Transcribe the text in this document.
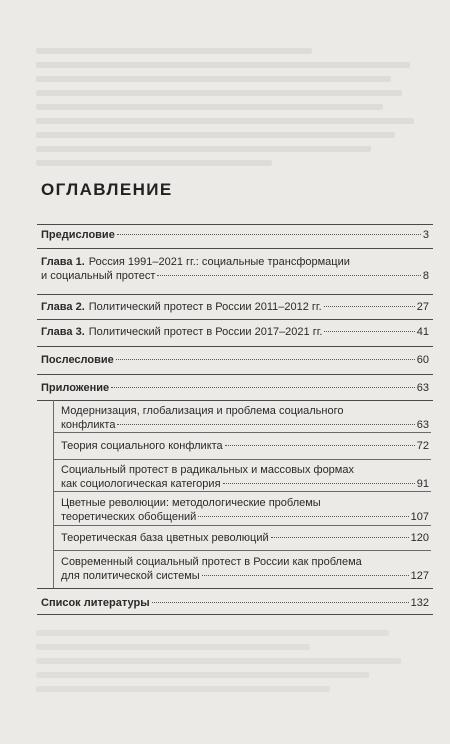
ОГЛАВЛЕНИЕ
Предисловие	3
Глава 1. Россия 1991–2021 гг.: социальные трансформации
и социальный протест	8
Глава 2. Политический протест в России 2011–2012 гг.	27
Глава 3. Политический протест в России 2017–2021 гг.	41
Послесловие	60
Приложение	63
Модернизация, глобализация и проблема социального
конфликта	63
Теория социального конфликта	72
Социальный протест в радикальных и массовых формах
как социологическая категория	91
Цветные революции: методологические проблемы
теоретических обобщений	107
Теоретическая база цветных революций	120
Современный социальный протест в России как проблема
для политической системы	127
Список литературы	132
